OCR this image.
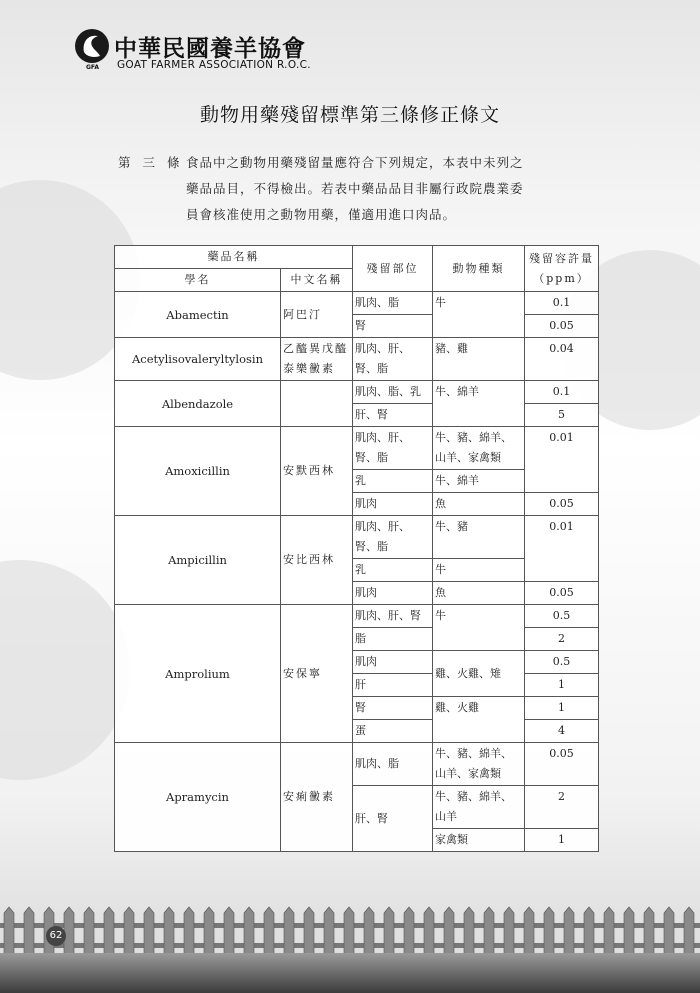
GFA
中華民國養羊協會
GOAT FARMER ASSOCIATION R.O.C.
動物用藥殘留標準第三條修正條文
第 三 條 食品中之動物用藥殘留量應符合下列規定，本表中未列之
藥品品目，不得檢出。若表中藥品品目非屬行政院農業委
員會核准使用之動物用藥，僅適用進口肉品。
藥品名稱		殘留部位	動物種類	殘留容許量（ppm）
學名	中文名稱			
Abamectin	阿巴汀	肌肉、脂	牛	0.1
		腎		0.05
Acetylisovaleryltylosin	乙醯異戊醯泰樂黴素	肌肉、肝、腎、脂	豬、雞	0.04
Albendazole		肌肉、脂、乳	牛、綿羊	0.1
		肝、腎		5
Amoxicillin	安默西林	肌肉、肝、腎、脂	牛、豬、綿羊、山羊、家禽類	0.01
		乳	牛、綿羊	
		肌肉	魚	0.05
Ampicillin	安比西林	肌肉、肝、腎、脂	牛、豬	0.01
		乳	牛	
		肌肉	魚	0.05
Amprolium	安保寧	肌肉、肝、腎	牛	0.5
		脂		2
		肌肉	雞、火雞、雉	0.5
		肝		1
		腎	雞、火雞	1
		蛋		4
Apramycin	安痢黴素	肌肉、脂	牛、豬、綿羊、山羊、家禽類	0.05
		肝、腎	牛、豬、綿羊、山羊	2
			家禽類	1
62
